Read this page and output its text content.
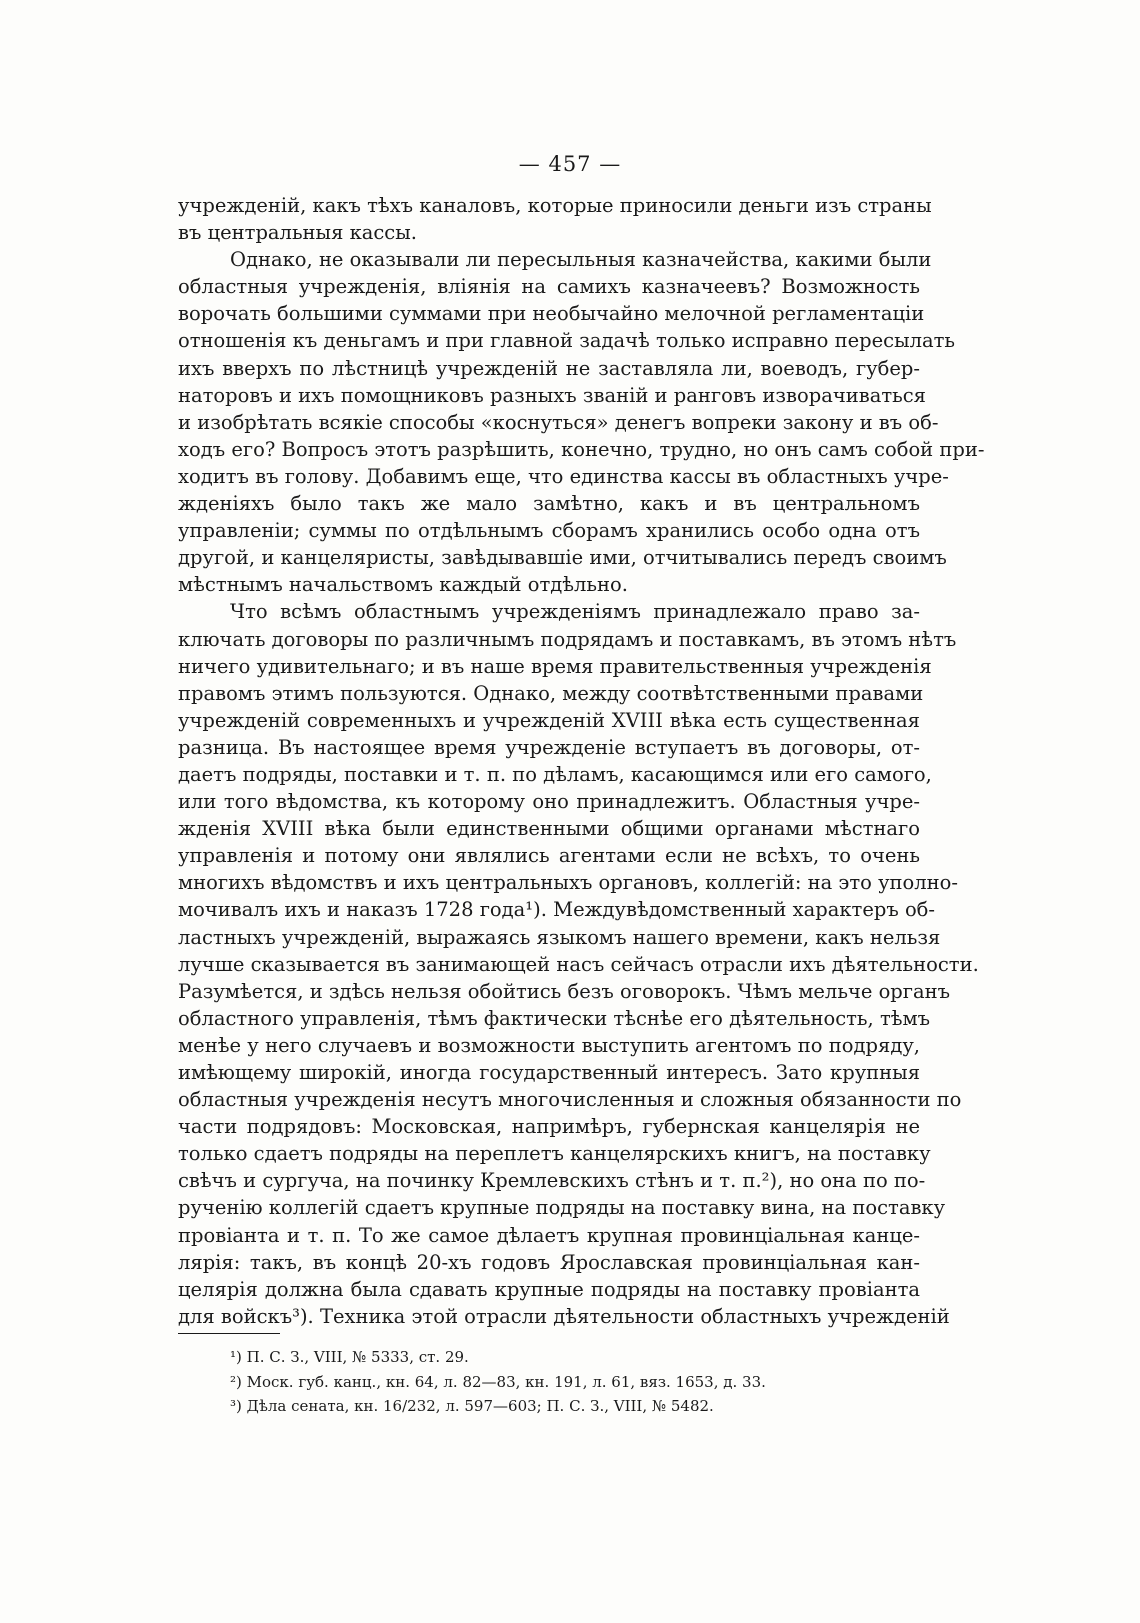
— 457 —

учрежденій, какъ тѣхъ каналовъ, которые приносили деньги изъ страны
въ центральныя кассы.

Однако, не оказывали ли пересыльныя казначейства, какими были
областныя учрежденія, вліянія на самихъ казначеевъ? Возможность
ворочать большими суммами при необычайно мелочной регламентаціи
отношенія къ деньгамъ и при главной задачѣ только исправно пересылать
ихъ вверхъ по лѣстницѣ учрежденій не заставляла ли, воеводъ, губер-
наторовъ и ихъ помощниковъ разныхъ званій и ранговъ изворачиваться
и изобрѣтать всякіе способы «коснуться» денегъ вопреки закону и въ об-
ходъ его? Вопросъ этотъ разрѣшить, конечно, трудно, но онъ самъ собой при-
ходитъ въ голову. Добавимъ еще, что единства кассы въ областныхъ учре-
жденіяхъ было такъ же мало замѣтно, какъ и въ центральномъ
управленіи; суммы по отдѣльнымъ сборамъ хранились особо одна отъ
другой, и канцеляристы, завѣдывавшіе ими, отчитывались передъ своимъ
мѣстнымъ начальствомъ каждый отдѣльно.

Что всѣмъ областнымъ учрежденіямъ принадлежало право за-
ключать договоры по различнымъ подрядамъ и поставкамъ, въ этомъ нѣтъ
ничего удивительнаго; и въ наше время правительственныя учрежденія
правомъ этимъ пользуются. Однако, между соотвѣтственными правами
учрежденій современныхъ и учрежденій XVIII вѣка есть существенная
разница. Въ настоящее время учрежденіе вступаетъ въ договоры, от-
даетъ подряды, поставки и т. п. по дѣламъ, касающимся или его самого,
или того вѣдомства, къ которому оно принадлежитъ. Областныя учре-
жденія XVIII вѣка были единственными общими органами мѣстнаго
управленія и потому они являлись агентами если не всѣхъ, то очень
многихъ вѣдомствъ и ихъ центральныхъ органовъ, коллегій: на это уполно-
мочивалъ ихъ и наказъ 1728 года¹). Междувѣдомственный характеръ об-
ластныхъ учрежденій, выражаясь языкомъ нашего времени, какъ нельзя
лучше сказывается въ занимающей насъ сейчасъ отрасли ихъ дѣятельности.
Разумѣется, и здѣсь нельзя обойтись безъ оговорокъ. Чѣмъ мельче органъ
областного управленія, тѣмъ фактически тѣснѣе его дѣятельность, тѣмъ
менѣе у него случаевъ и возможности выступить агентомъ по подряду,
имѣющему широкій, иногда государственный интересъ. Зато крупныя
областныя учрежденія несутъ многочисленныя и сложныя обязанности по
части подрядовъ: Московская, напримѣръ, губернская канцелярія не
только сдаетъ подряды на переплетъ канцелярскихъ книгъ, на поставку
свѣчъ и сургуча, на починку Кремлевскихъ стѣнъ и т. п.²), но она по по-
рученію коллегій сдаетъ крупные подряды на поставку вина, на поставку
провіанта и т. п. То же самое дѣлаетъ крупная провинціальная канце-
лярія: такъ, въ концѣ 20-хъ годовъ Ярославская провинціальная кан-
целярія должна была сдавать крупные подряды на поставку провіанта
для войскъ³). Техника этой отрасли дѣятельности областныхъ учрежденій

¹) П. С. З., VIII, № 5333, ст. 29.
²) Моск. губ. канц., кн. 64, л. 82—83, кн. 191, л. 61, вяз. 1653, д. 33.
³) Дѣла сената, кн. 16/232, л. 597—603; П. С. З., VIII, № 5482.
